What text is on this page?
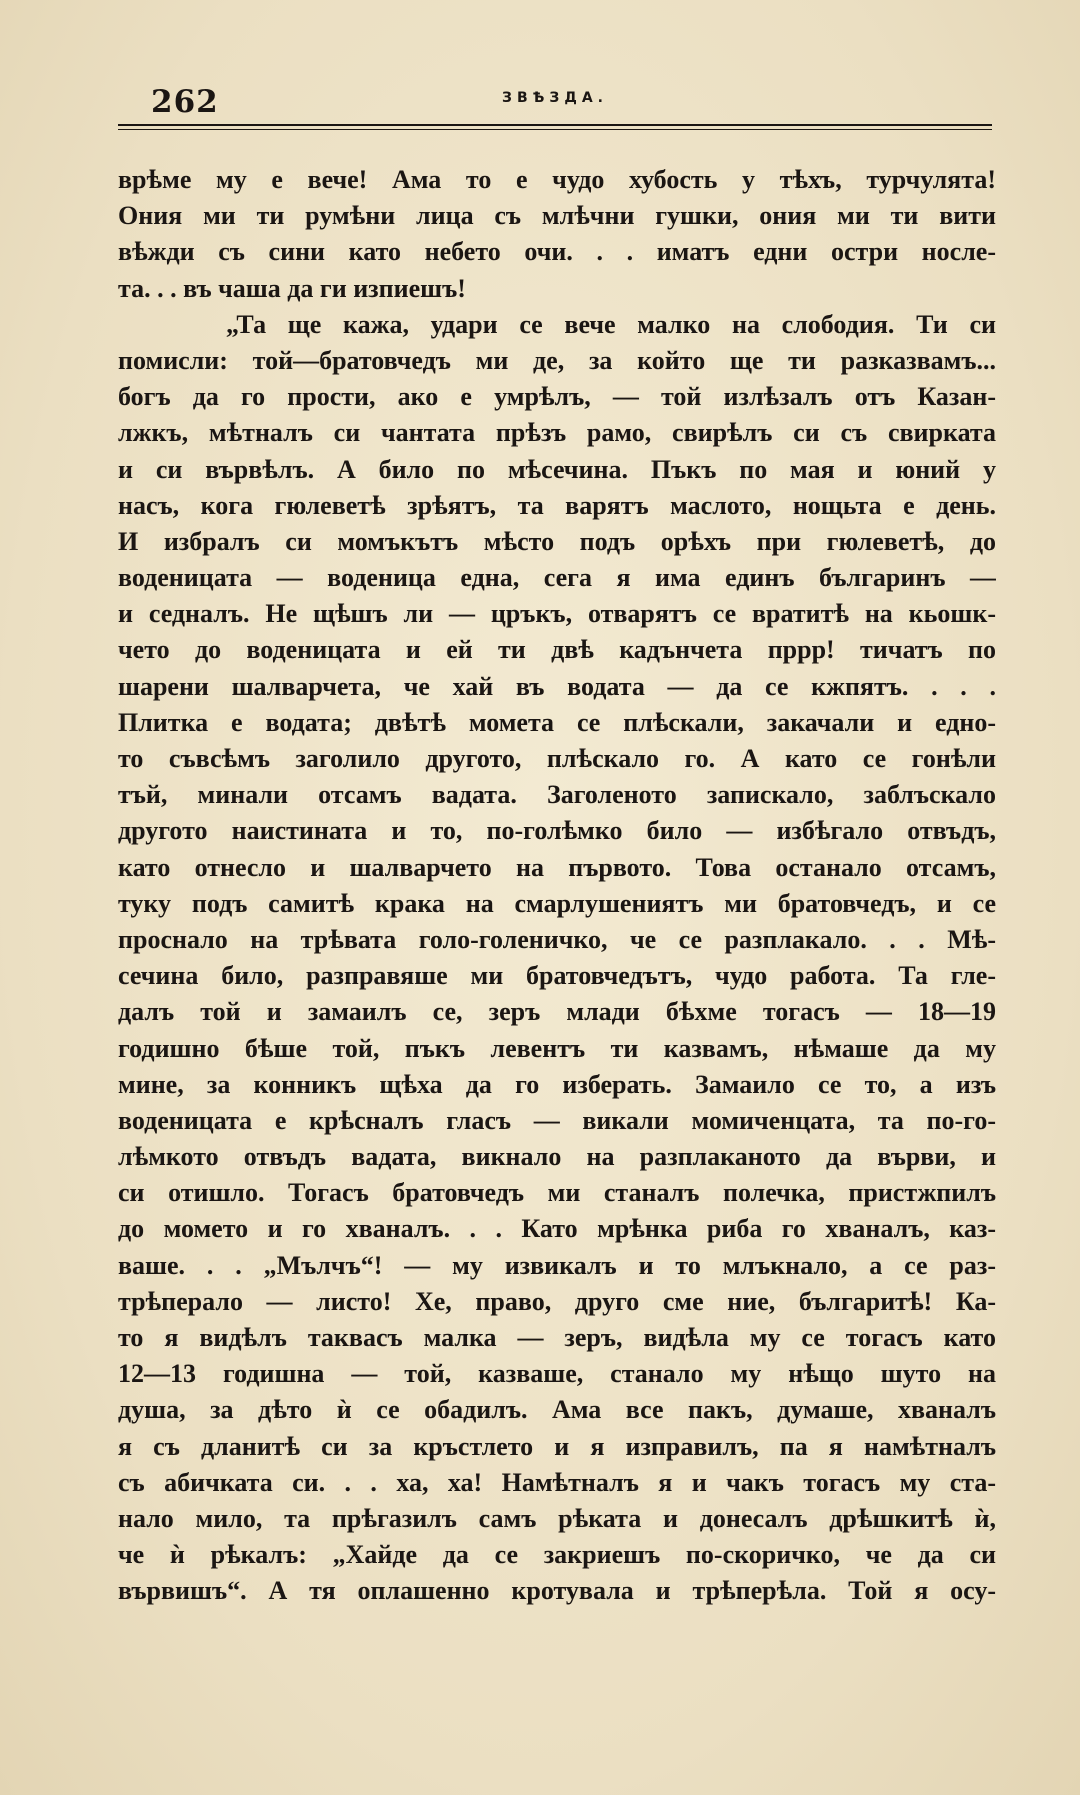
262	ЗВѢЗДА.
врѣме му е вече! Ама то е чудо хубость у тѣхъ, турчулята!
Ония ми ти румѣни лица съ млѣчни гушки, ония ми ти вити
вѣжди съ сини като небето очи. . . иматъ едни остри носле-
та. . . въ чаша да ги изпиешъ!
„Та ще кажа, удари се вече малко на слободия. Ти си
помисли: той—братовчедъ ми де, за който ще ти разказвамъ...
богъ да го прости, ако е умрѣлъ, — той излѣзалъ отъ Казан-
лжкъ, мѣтналъ си чантата прѣзъ рамо, свирѣлъ си съ свирката
и си вървѣлъ. А било по мѣсечина. Пъкъ по мая и юний у
насъ, кога гюлеветѣ зрѣятъ, та варятъ маслото, нощьта е день.
И избралъ си момъкътъ мѣсто подъ орѣхъ при гюлеветѣ, до
воденицата — воденица една, сега я има единъ българинъ —
и седналъ. Не щѣшъ ли — цръкъ, отварятъ се вратитѣ на кьошк-
чето до воденицата и ей ти двѣ кадънчета пррр! тичатъ по
шарени шалварчета, че хай въ водата — да се кжпятъ. . . .
Плитка е водата; двѣтѣ момета се плѣскали, закачали и едно-
то съвсѣмъ заголило другото, плѣскало го. А като се гонѣли
тъй, минали отсамъ вадата. Заголеното запискало, заблъскало
другото наистината и то, по-голѣмко било — избѣгало отвъдъ,
като отнесло и шалварчето на първото. Това останало отсамъ,
туку подъ самитѣ крака на смарлушениятъ ми братовчедъ, и се
проснало на трѣвата голо-голеничко, че се разплакало. . . Мѣ-
сечина било, разправяше ми братовчедътъ, чудо работа. Та гле-
далъ той и замаилъ се, зеръ млади бѣхме тогасъ — 18—19
годишно бѣше той, пъкъ левентъ ти казвамъ, нѣмаше да му
мине, за конникъ щѣха да го изберать. Замаило се то, а изъ
воденицата е крѣсналъ гласъ — викали момиченцата, та по-го-
лѣмкото отвъдъ вадата, викнало на разплаканото да върви, и
си отишло. Тогасъ братовчедъ ми станалъ полечка, пристжпилъ
до момето и го хваналъ. . . Като мрѣнка риба го хваналъ, каз-
ваше. . . „Мълчъ“! — му извикалъ и то млъкнало, а се раз-
трѣперало — листо! Хе, право, друго сме ние, българитѣ! Ка-
то я видѣлъ таквасъ малка — зеръ, видѣла му се тогасъ като
12—13 годишна — той, казваше, станало му нѣщо шуто на
душа, за дѣто ѝ се обадилъ. Ама все пакъ, думаше, хваналъ
я съ дланитѣ си за кръстлето и я изправилъ, па я намѣтналъ
съ абичката си. . . ха, ха! Намѣтналъ я и чакъ тогасъ му ста-
нало мило, та прѣгазилъ самъ рѣката и донесалъ дрѣшкитѣ ѝ,
че ѝ рѣкалъ: „Хайде да се закриешъ по-скоричко, че да си
вървишъ“. А тя оплашенно кротувала и трѣперѣла. Той я осу-
